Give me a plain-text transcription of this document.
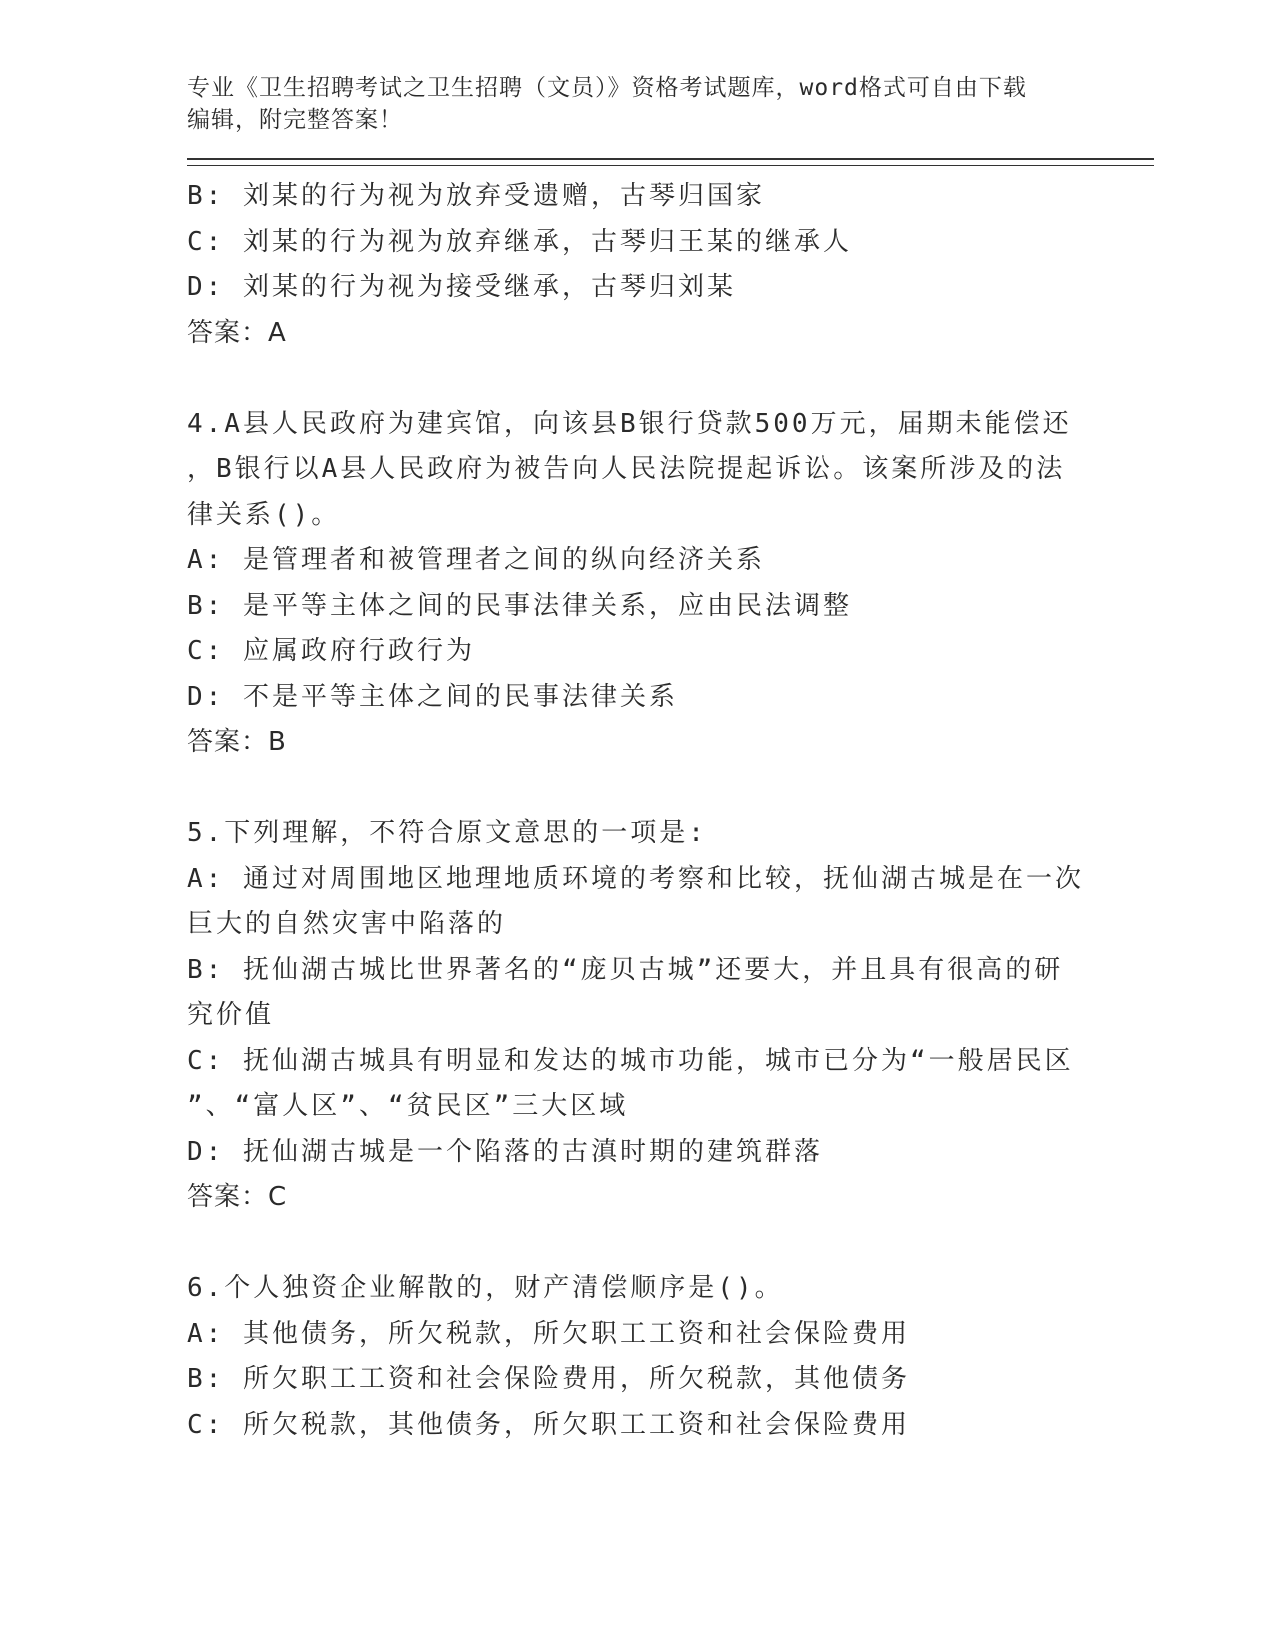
专业《卫生招聘考试之卫生招聘（文员）》资格考试题库，word格式可自由下载
编辑，附完整答案！
B: 刘某的行为视为放弃受遗赠，古琴归国家
C: 刘某的行为视为放弃继承，古琴归王某的继承人
D: 刘某的行为视为接受继承，古琴归刘某
答案：A
4.A县人民政府为建宾馆，向该县B银行贷款500万元，届期未能偿还
，B银行以A县人民政府为被告向人民法院提起诉讼。该案所涉及的法
律关系()。
A: 是管理者和被管理者之间的纵向经济关系
B: 是平等主体之间的民事法律关系，应由民法调整
C: 应属政府行政行为
D: 不是平等主体之间的民事法律关系
答案：B
5.下列理解，不符合原文意思的一项是:
A: 通过对周围地区地理地质环境的考察和比较，抚仙湖古城是在一次
巨大的自然灾害中陷落的
B: 抚仙湖古城比世界著名的“庞贝古城”还要大，并且具有很高的研
究价值
C: 抚仙湖古城具有明显和发达的城市功能，城市已分为“一般居民区
”、“富人区”、“贫民区”三大区域
D: 抚仙湖古城是一个陷落的古滇时期的建筑群落
答案：C
6.个人独资企业解散的，财产清偿顺序是()。
A: 其他债务，所欠税款，所欠职工工资和社会保险费用
B: 所欠职工工资和社会保险费用，所欠税款，其他债务
C: 所欠税款，其他债务，所欠职工工资和社会保险费用
